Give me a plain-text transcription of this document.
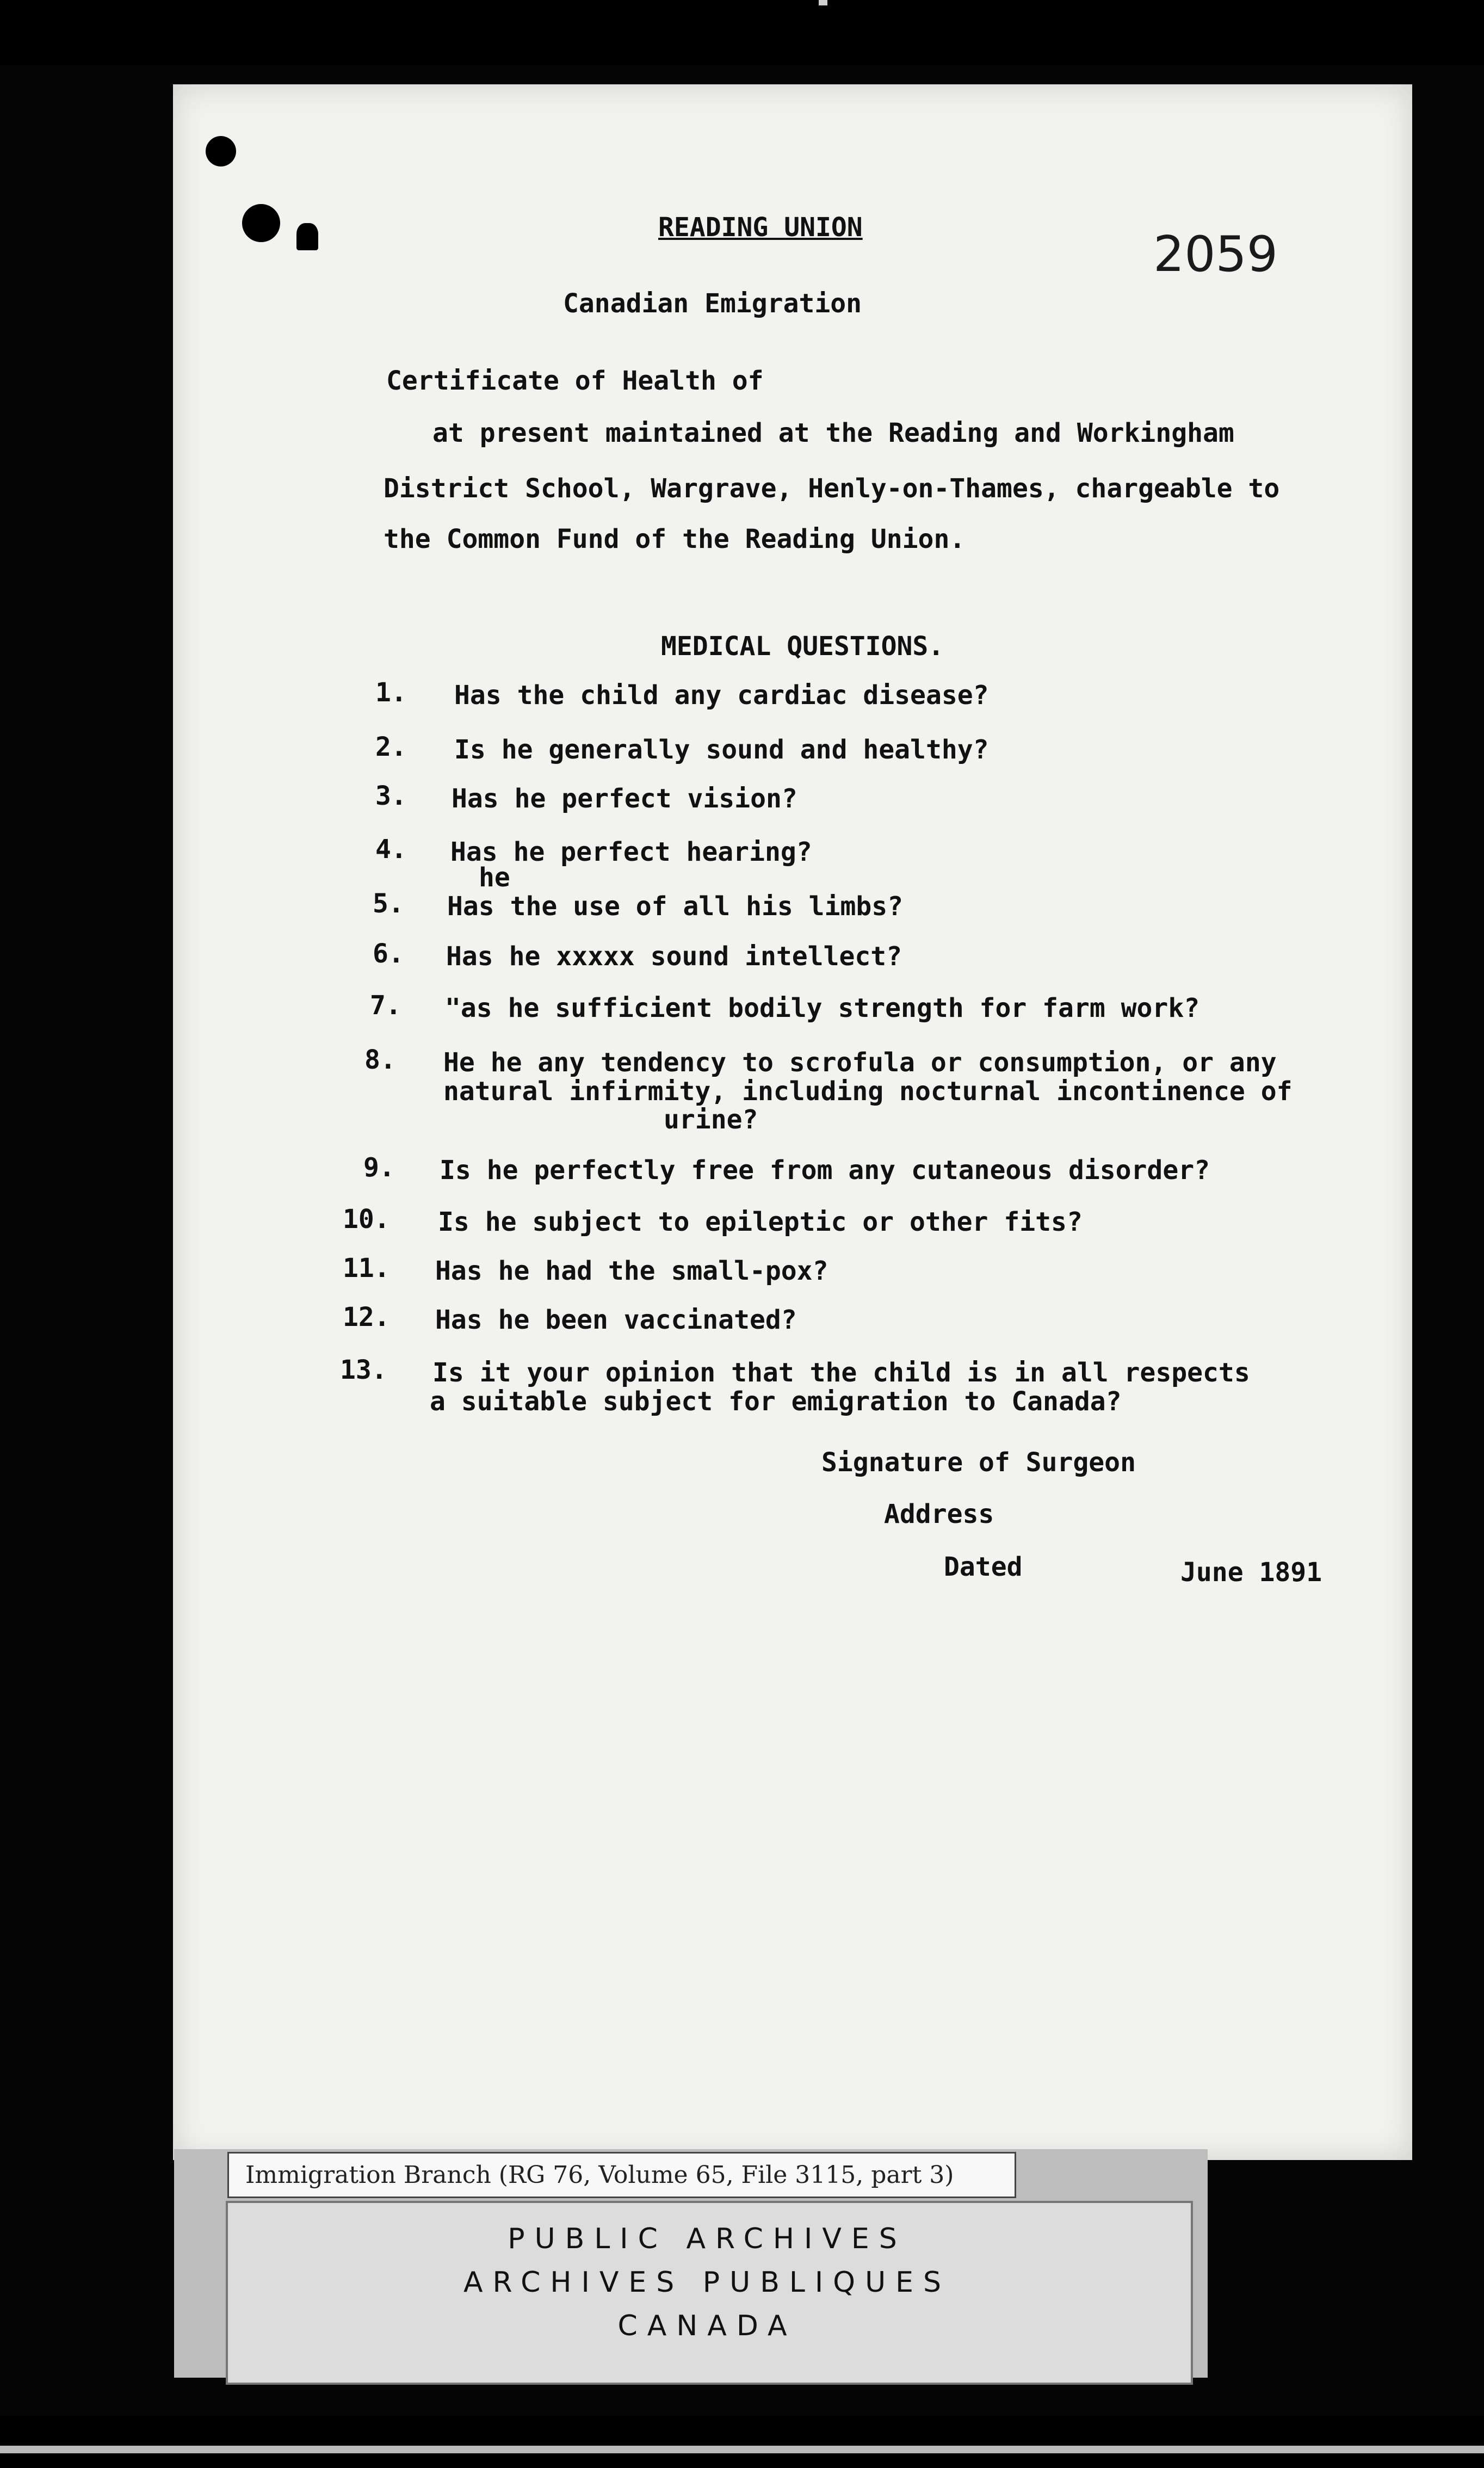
READING UNION	2059
Canadian Emigration
Certificate of Health of
at present maintained at the Reading and Workingham
District School, Wargrave, Henly-on-Thames, chargeable to
the Common Fund of the Reading Union.
MEDICAL QUESTIONS.
1. Has the child any cardiac disease?
2. Is he generally sound and healthy?
3. Has he perfect vision?
4. Has he perfect hearing?
he
5. Has the use of all his limbs?
6. Has he xxxxx sound intellect?
7. "as he sufficient bodily strength for farm work?
8. He he any tendency to scrofula or consumption, or any
natural infirmity, including nocturnal incontinence of
urine?
9. Is he perfectly free from any cutaneous disorder?
10. Is he subject to epileptic or other fits?
11. Has he had the small-pox?
12. Has he been vaccinated?
13. Is it your opinion that the child is in all respects
a suitable subject for emigration to Canada?
Signature of Surgeon
Address
Dated	June 1891
Immigration Branch (RG 76, Volume 65, File 3115, part 3)
PUBLIC ARCHIVES
ARCHIVES PUBLIQUES
CANADA
